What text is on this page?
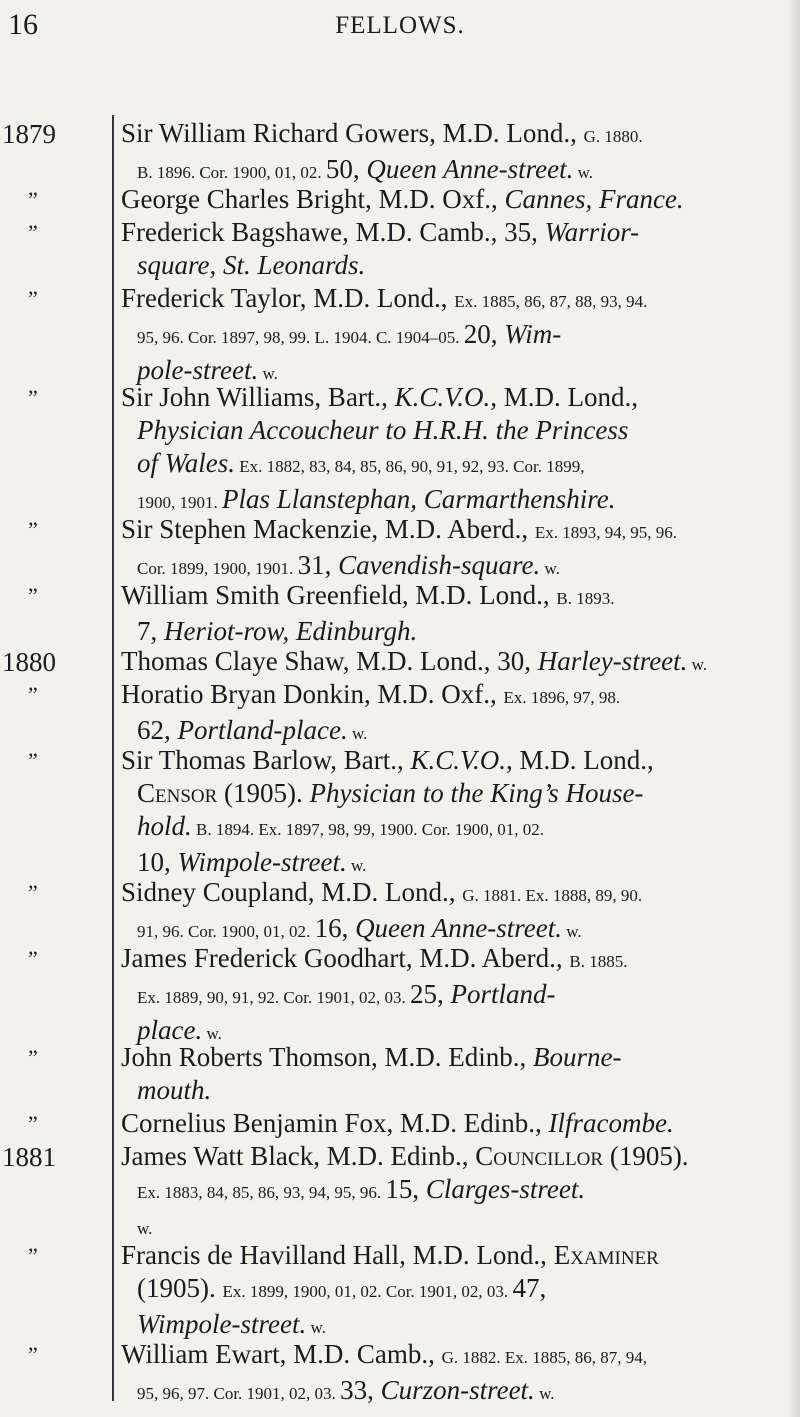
16	FELLOWS.
1879 Sir William Richard Gowers, M.D. Lond., G. 1880.
B. 1896. Cor. 1900, 01, 02. 50, Queen Anne-street. w.
”	George Charles Bright, M.D. Oxf., Cannes, France.
”	Frederick Bagshawe, M.D. Camb., 35, Warrior-
square, St. Leonards.
”	Frederick Taylor, M.D. Lond., Ex. 1885, 86, 87, 88, 93, 94.
95, 96. Cor. 1897, 98, 99. L. 1904. C. 1904–05. 20, Wim-
pole-street. w.
”	Sir John Williams, Bart., K.C.V.O., M.D. Lond.,
Physician Accoucheur to H.R.H. the Princess
of Wales. Ex. 1882, 83, 84, 85, 86, 90, 91, 92, 93. Cor. 1899,
1900, 1901. Plas Llanstephan, Carmarthenshire.
”	Sir Stephen Mackenzie, M.D. Aberd., Ex. 1893, 94, 95, 96.
Cor. 1899, 1900, 1901. 31, Cavendish-square. w.
”	William Smith Greenfield, M.D. Lond., B. 1893.
7, Heriot-row, Edinburgh.
1880 Thomas Claye Shaw, M.D. Lond., 30, Harley-street. w.
”	Horatio Bryan Donkin, M.D. Oxf., Ex. 1896, 97, 98.
62, Portland-place. w.
”	Sir Thomas Barlow, Bart., K.C.V.O., M.D. Lond.,
Censor (1905). Physician to the King’s House-
hold. B. 1894. Ex. 1897, 98, 99, 1900. Cor. 1900, 01, 02.
10, Wimpole-street. w.
”	Sidney Coupland, M.D. Lond., G. 1881. Ex. 1888, 89, 90.
91, 96. Cor. 1900, 01, 02. 16, Queen Anne-street. w.
”	James Frederick Goodhart, M.D. Aberd., B. 1885.
Ex. 1889, 90, 91, 92. Cor. 1901, 02, 03. 25, Portland-
place. w.
”	John Roberts Thomson, M.D. Edinb., Bourne-
mouth.
”	Cornelius Benjamin Fox, M.D. Edinb., Ilfracombe.
1881 James Watt Black, M.D. Edinb., Councillor (1905).
Ex. 1883, 84, 85, 86, 93, 94, 95, 96. 15, Clarges-street.
w.
”	Francis de Havilland Hall, M.D. Lond., Examiner
(1905). Ex. 1899, 1900, 01, 02. Cor. 1901, 02, 03. 47,
Wimpole-street. w.
”	William Ewart, M.D. Camb., G. 1882. Ex. 1885, 86, 87, 94,
95, 96, 97. Cor. 1901, 02, 03. 33, Curzon-street. w.
